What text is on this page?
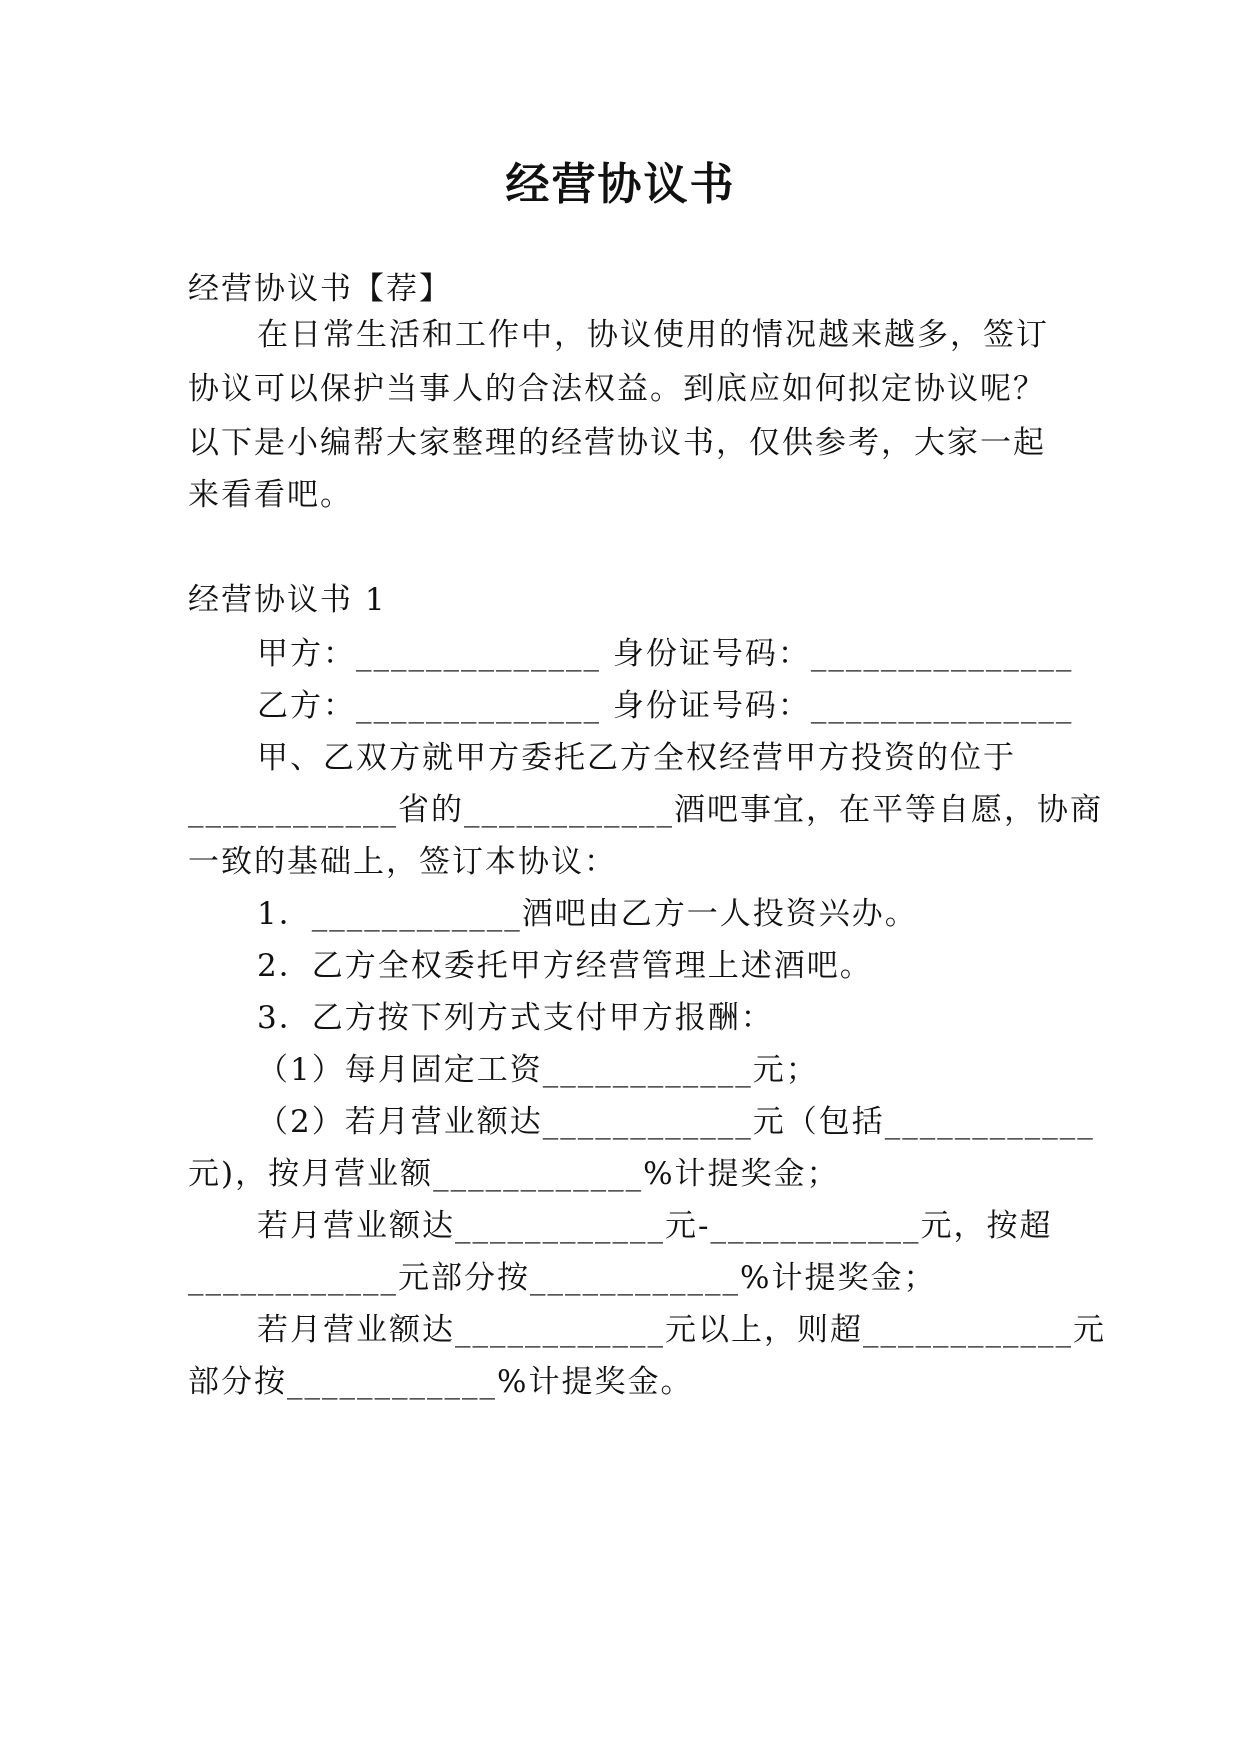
经营协议书
经营协议书【荐】
在日常生活和工作中，协议使用的情况越来越多，签订
协议可以保护当事人的合法权益。到底应如何拟定协议呢？
以下是小编帮大家整理的经营协议书，仅供参考，大家一起
来看看吧。
经营协议书 1
甲方：______________ 身份证号码：_______________
乙方：______________ 身份证号码：_______________
甲、乙双方就甲方委托乙方全权经营甲方投资的位于
____________省的____________酒吧事宜，在平等自愿，协商
一致的基础上，签订本协议：
1．____________酒吧由乙方一人投资兴办。
2．乙方全权委托甲方经营管理上述酒吧。
3．乙方按下列方式支付甲方报酬：
（1）每月固定工资____________元；
（2）若月营业额达____________元（包括____________
元)，按月营业额____________%计提奖金；
若月营业额达____________元-____________元，按超
____________元部分按____________%计提奖金；
若月营业额达____________元以上，则超____________元
部分按____________%计提奖金。
